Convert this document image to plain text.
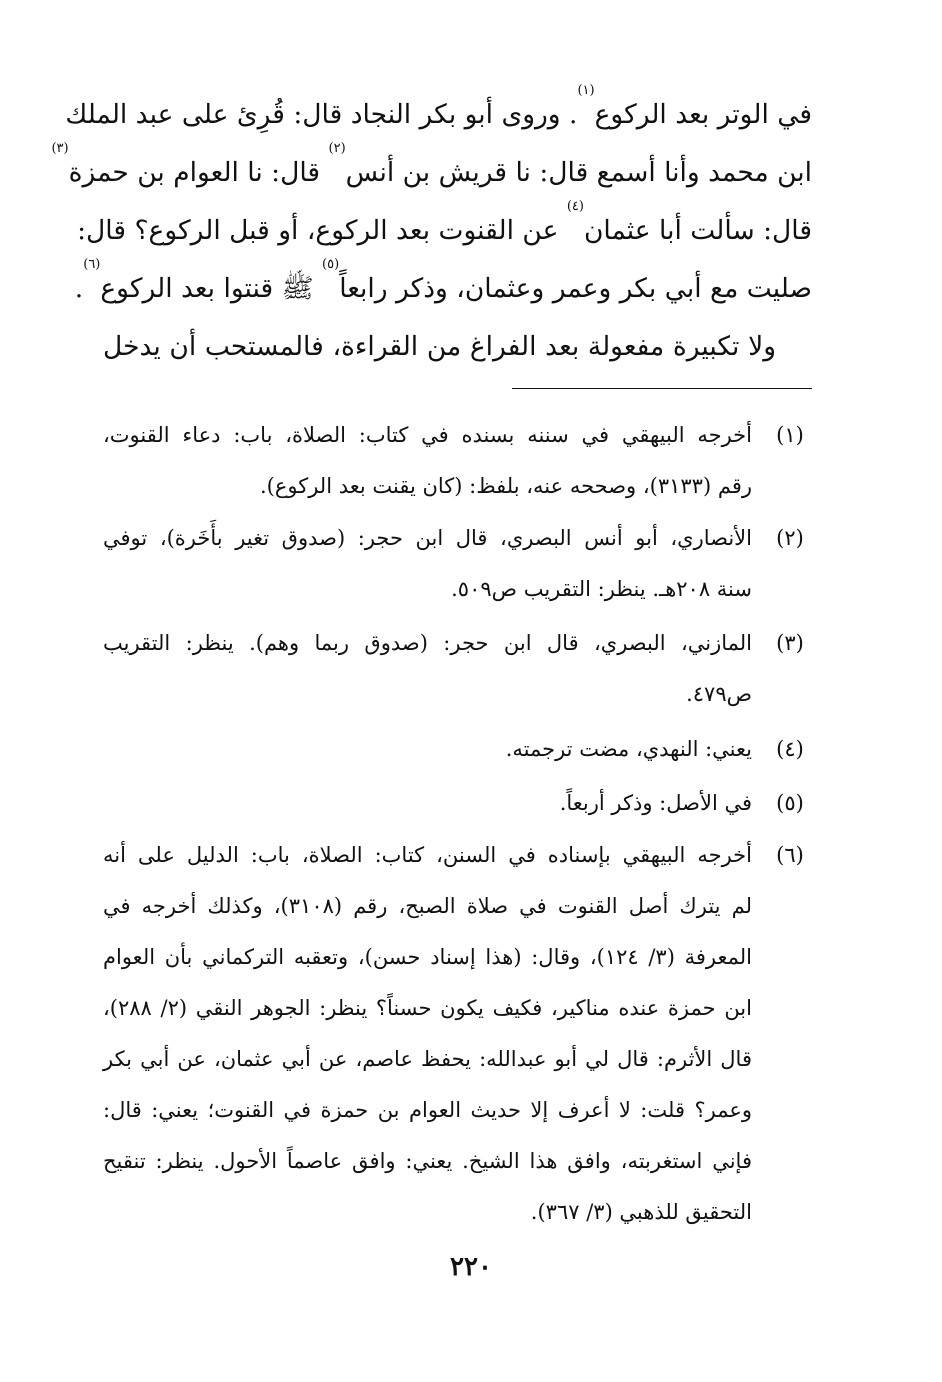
في الوتر بعد الركوع$^{(١)}$. وروى أبو بكر النجاد قال: قُرِئ على عبد الملك
ابن محمد وأنا أسمع قال: نا قريش بن أنس$^{(٢)}$ قال: نا العوام بن حمزة$^{(٣)}$
قال: سألت أبا عثمان$^{(٤)}$ عن القنوت بعد الركوع، أو قبل الركوع؟ قال:
صليت مع أبي بكر وعمر وعثمان، وذكر رابعاً$^{(٥)}$ ﷺ قنتوا بعد الركوع$^{(٦)}$.
ولا تكبيرة مفعولة بعد الفراغ من القراءة، فالمستحب أن يدخل
(١)
أخرجه البيهقي في سننه بسنده في كتاب: الصلاة، باب: دعاء القنوت،
رقم (٣١٣٣)، وصححه عنه، بلفظ: (كان يقنت بعد الركوع).
(٢)
الأنصاري، أبو أنس البصري، قال ابن حجر: (صدوق تغير بأَخَرة)، توفي
سنة ٢٠٨هـ. ينظر: التقريب ص٥٠٩.
(٣)
المازني، البصري، قال ابن حجر: (صدوق ربما وهم). ينظر: التقريب
ص٤٧٩.
(٤)
يعني: النهدي، مضت ترجمته.
(٥)
في الأصل: وذكر أربعاً.
(٦)
أخرجه البيهقي بإسناده في السنن، كتاب: الصلاة، باب: الدليل على أنه
لم يترك أصل القنوت في صلاة الصبح، رقم (٣١٠٨)، وكذلك أخرجه في
المعرفة (٣/ ١٢٤)، وقال: (هذا إسناد حسن)، وتعقبه التركماني بأن العوام
ابن حمزة عنده مناكير، فكيف يكون حسناً؟ ينظر: الجوهر النقي (٢/ ٢٨٨)،
قال الأثرم: قال لي أبو عبدالله: يحفظ عاصم، عن أبي عثمان، عن أبي بكر
وعمر؟ قلت: لا أعرف إلا حديث العوام بن حمزة في القنوت؛ يعني: قال:
فإني استغربته، وافق هذا الشيخ. يعني: وافق عاصماً الأحول. ينظر: تنقيح
التحقيق للذهبي (٣/ ٣٦٧).
٢٢٠
